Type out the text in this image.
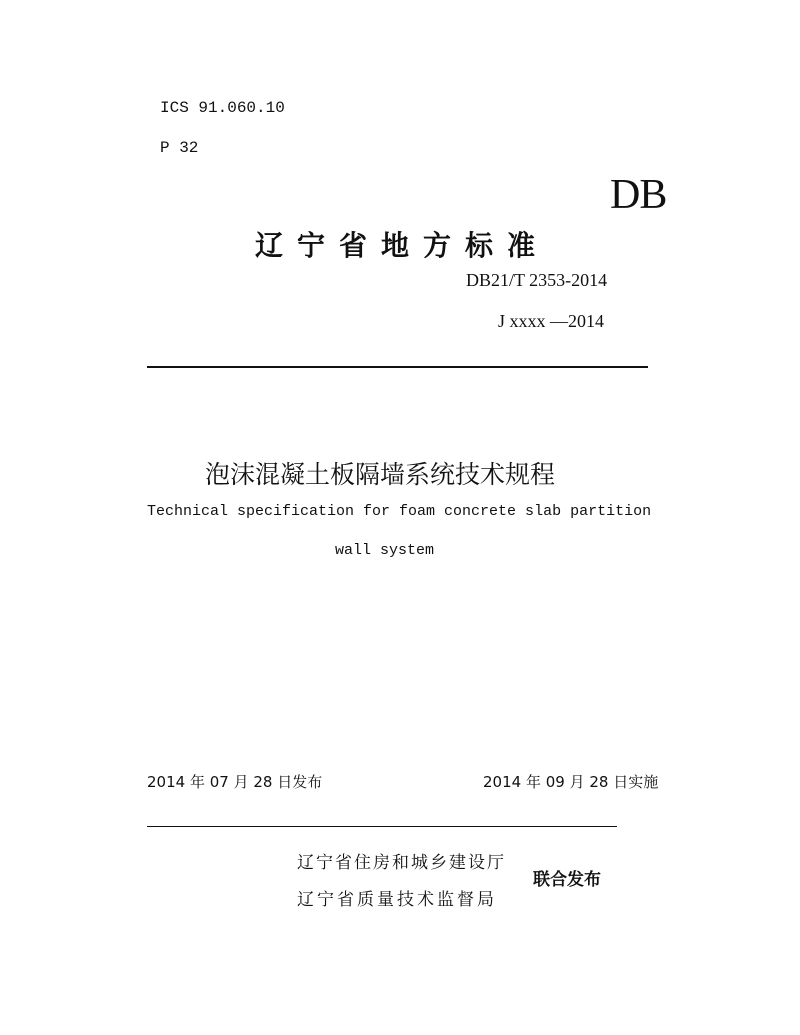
ICS 91.060.10
P 32
DB
辽宁省地方标准
DB21/T 2353-2014
J xxxx —2014
泡沫混凝土板隔墙系统技术规程
Technical specification for foam concrete slab partition
wall system
2014 年 07 月 28 日发布	2014 年 09 月 28 日实施
辽宁省住房和城乡建设厅
辽宁省质量技术监督局
联合发布
